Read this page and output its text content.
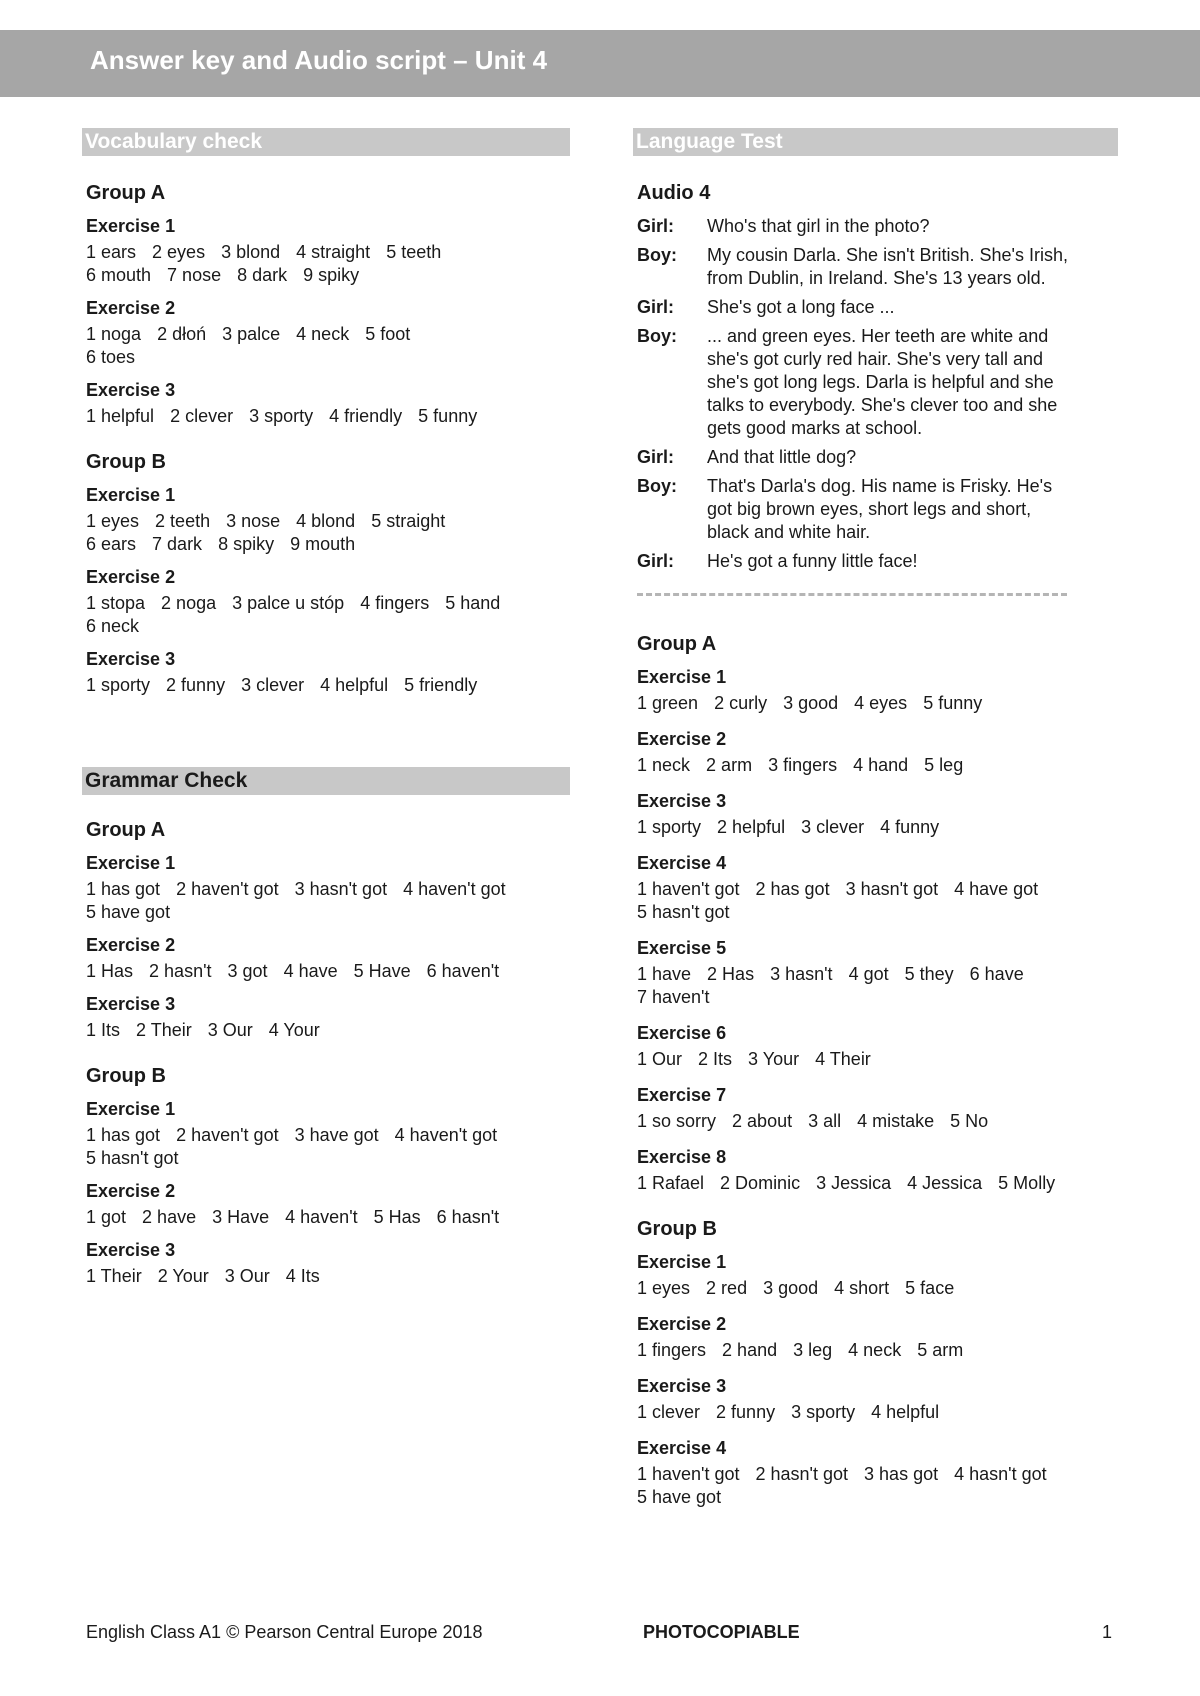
Answer key and Audio script – Unit 4
Vocabulary check
Group A
Exercise 1
1 ears 2 eyes 3 blond 4 straight 5 teeth
6 mouth 7 nose 8 dark 9 spiky
Exercise 2
1 noga 2 dłoń 3 palce 4 neck 5 foot
6 toes
Exercise 3
1 helpful 2 clever 3 sporty 4 friendly 5 funny
Group B
Exercise 1
1 eyes 2 teeth 3 nose 4 blond 5 straight
6 ears 7 dark 8 spiky 9 mouth
Exercise 2
1 stopa 2 noga 3 palce u stóp 4 fingers 5 hand
6 neck
Exercise 3
1 sporty 2 funny 3 clever 4 helpful 5 friendly
Grammar Check
Group A
Exercise 1
1 has got 2 haven't got 3 hasn't got 4 haven't got
5 have got
Exercise 2
1 Has 2 hasn't 3 got 4 have 5 Have 6 haven't
Exercise 3
1 Its 2 Their 3 Our 4 Your
Group B
Exercise 1
1 has got 2 haven't got 3 have got 4 haven't got
5 hasn't got
Exercise 2
1 got 2 have 3 Have 4 haven't 5 Has 6 hasn't
Exercise 3
1 Their 2 Your 3 Our 4 Its
Language Test
Audio 4
Girl:	Who's that girl in the photo?
Boy:	My cousin Darla. She isn't British. She's Irish,
from Dublin, in Ireland. She's 13 years old.
Girl:	She's got a long face ...
Boy:	... and green eyes. Her teeth are white and
she's got curly red hair. She's very tall and
she's got long legs. Darla is helpful and she
talks to everybody. She's clever too and she
gets good marks at school.
Girl:	And that little dog?
Boy:	That's Darla's dog. His name is Frisky. He's
got big brown eyes, short legs and short,
black and white hair.
Girl:	He's got a funny little face!
Group A
Exercise 1
1 green 2 curly 3 good 4 eyes 5 funny
Exercise 2
1 neck 2 arm 3 fingers 4 hand 5 leg
Exercise 3
1 sporty 2 helpful 3 clever 4 funny
Exercise 4
1 haven't got 2 has got 3 hasn't got 4 have got
5 hasn't got
Exercise 5
1 have 2 Has 3 hasn't 4 got 5 they 6 have
7 haven't
Exercise 6
1 Our 2 Its 3 Your 4 Their
Exercise 7
1 so sorry 2 about 3 all 4 mistake 5 No
Exercise 8
1 Rafael 2 Dominic 3 Jessica 4 Jessica 5 Molly
Group B
Exercise 1
1 eyes 2 red 3 good 4 short 5 face
Exercise 2
1 fingers 2 hand 3 leg 4 neck 5 arm
Exercise 3
1 clever 2 funny 3 sporty 4 helpful
Exercise 4
1 haven't got 2 hasn't got 3 has got 4 hasn't got
5 have got
English Class A1 © Pearson Central Europe 2018	PHOTOCOPIABLE	1
